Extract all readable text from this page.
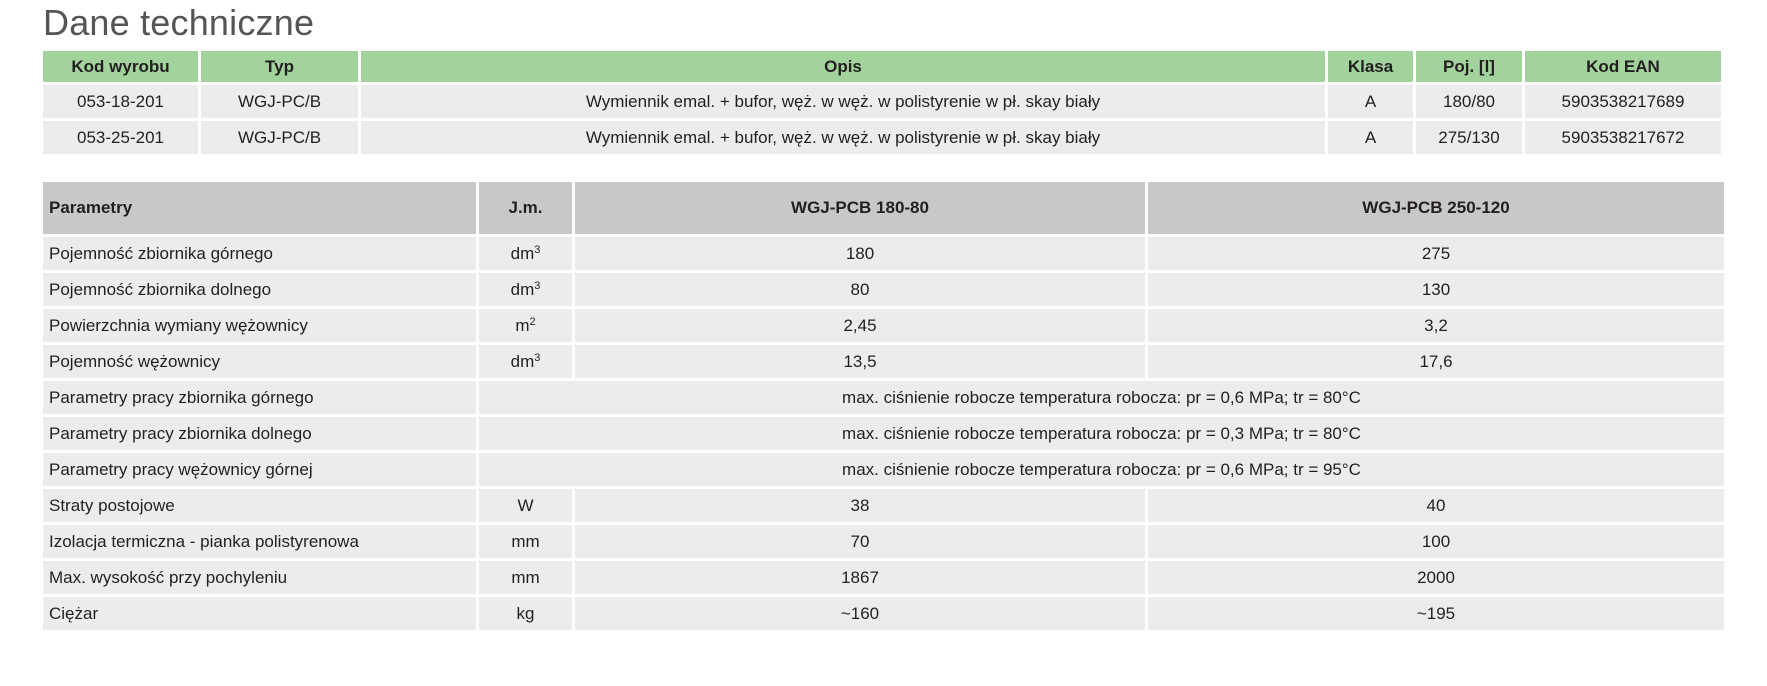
Dane techniczne
Kod wyrobu	Typ	Opis	Klasa	Poj. [l]	Kod EAN
053-18-201	WGJ-PC/B	Wymiennik emal. + bufor, węż. w węż. w polistyrenie w pł. skay biały	A	180/80	5903538217689
053-25-201	WGJ-PC/B	Wymiennik emal. + bufor, węż. w węż. w polistyrenie w pł. skay biały	A	275/130	5903538217672
Parametry	J.m.	WGJ-PCB 180-80	WGJ-PCB 250-120
Pojemność zbiornika górnego	$dm^3$	180	275
Pojemność zbiornika dolnego	$dm^3$	80	130
Powierzchnia wymiany wężownicy	$m^2$	2,45	3,2
Pojemność wężownicy	$dm^3$	13,5	17,6
Parametry pracy zbiornika górnego	max. ciśnienie robocze temperatura robocza: pr = 0,6 MPa; tr = 80°C		
Parametry pracy zbiornika dolnego	max. ciśnienie robocze temperatura robocza: pr = 0,3 MPa; tr = 80°C		
Parametry pracy wężownicy górnej	max. ciśnienie robocze temperatura robocza: pr = 0,6 MPa; tr = 95°C		
Straty postojowe	W	38	40
Izolacja termiczna - pianka polistyrenowa	mm	70	100
Max. wysokość przy pochyleniu	mm	1867	2000
Ciężar	kg	~160	~195
